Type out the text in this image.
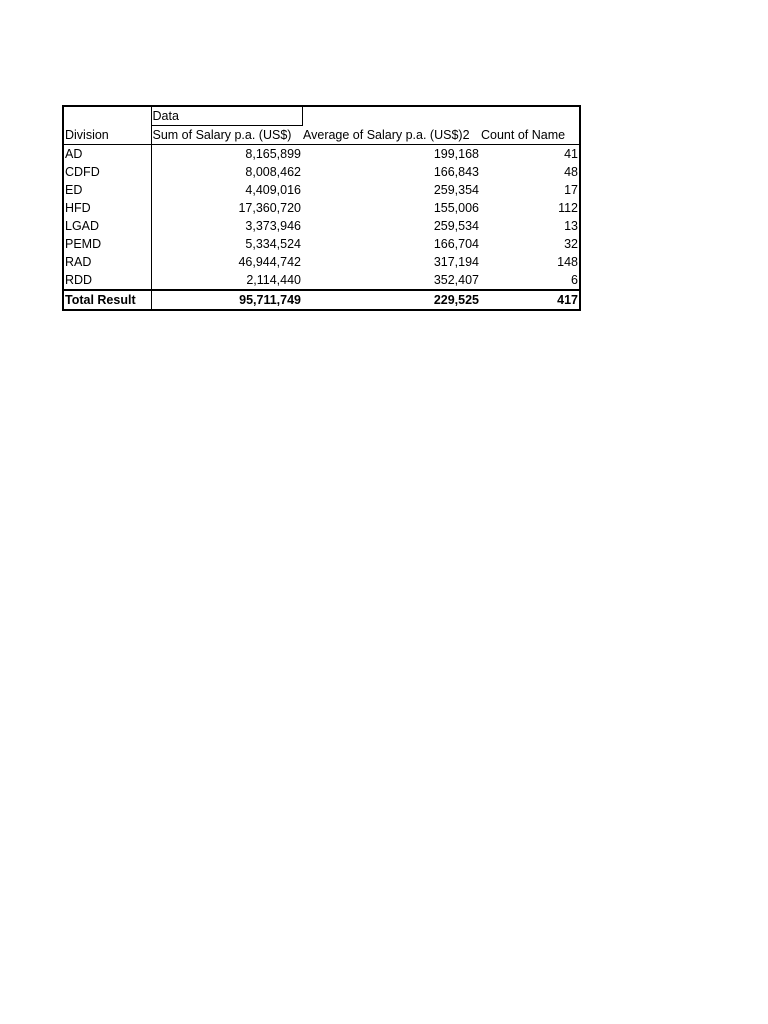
	Data		
Division	Sum of Salary p.a. (US$)	Average of Salary p.a. (US$)2	Count of Name
AD	8,165,899	199,168	41
CDFD	8,008,462	166,843	48
ED	4,409,016	259,354	17
HFD	17,360,720	155,006	112
LGAD	3,373,946	259,534	13
PEMD	5,334,524	166,704	32
RAD	46,944,742	317,194	148
RDD	2,114,440	352,407	6
Total Result	95,711,749	229,525	417
